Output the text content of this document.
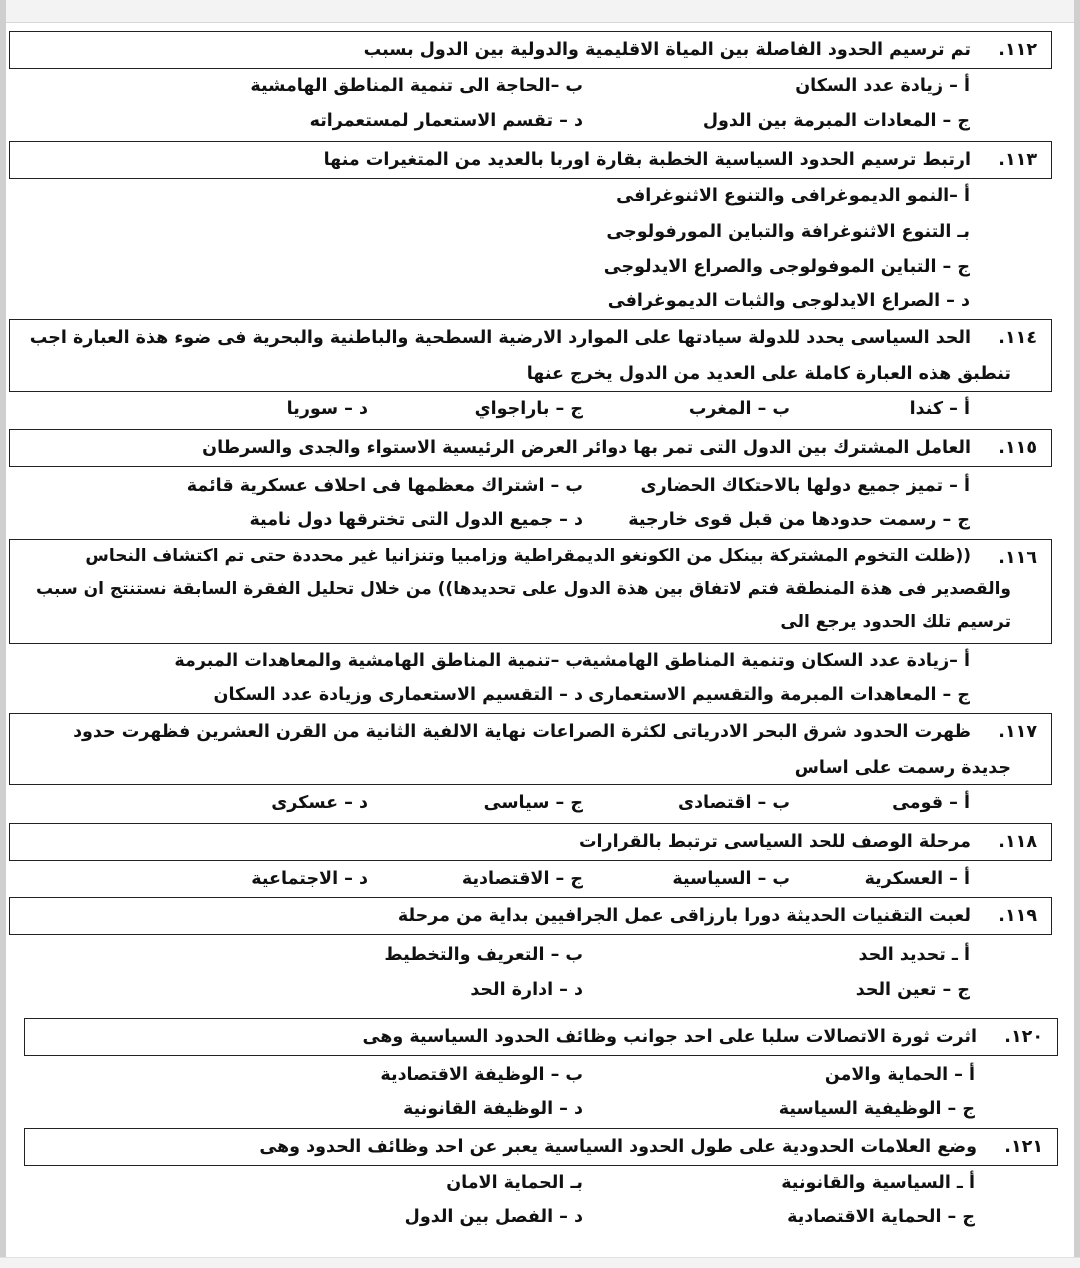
١١٢.
تم ترسيم الحدود الفاصلة بين المياة الاقليمية والدولية بين الدول بسبب
أ – زيادة عدد السكان
ب –الحاجة الى تنمية المناطق الهامشية
ج – المعادات المبرمة بين الدول
د – تقسم الاستعمار لمستعمراته
١١٣.
ارتبط ترسيم الحدود السياسية الخطبة بقارة اوربا بالعديد من المتغيرات منها
أ –النمو الديموغرافى والتنوع الاثنوغرافى
بـ التنوع الاثنوغرافة والتباين المورفولوجى
ج – التباين الموفولوجى والصراع الايدلوجى
د – الصراع الايدلوجى والثبات الديموغرافى
١١٤.
الحد السياسى يحدد للدولة سيادتها على الموارد الارضية السطحية والباطنية والبحرية فى ضوء هذة العبارة اجب
تنطبق هذه العبارة كاملة على العديد من الدول يخرج عنها
أ – كندا
ب – المغرب
ج – باراجواي
د – سوريا
١١٥.
العامل المشترك بين الدول التى تمر بها دوائر العرض الرئيسية الاستواء والجدى والسرطان
أ – تميز جميع دولها بالاحتكاك الحضارى
ب – اشتراك معظمها فى احلاف عسكرية قائمة
ج – رسمت حدودها من قبل قوى خارجية
د – جميع الدول التى تخترقها دول نامية
١١٦.
((ظلت التخوم المشتركة بينكل من الكونغو الديمقراطية وزامبيا وتنزانيا غير محددة حتى تم اكتشاف النحاس
والقصدير فى هذة المنطقة فتم لاتفاق بين هذة الدول على تحديدها)) من خلال تحليل الفقرة السابقة نستنتج ان سبب
ترسيم تلك الحدود يرجع الى
أ –زيادة عدد السكان وتنمية المناطق الهامشية
ب –تنمية المناطق الهامشية والمعاهدات المبرمة
ج – المعاهدات المبرمة والتقسيم الاستعمارى
د – التقسيم الاستعمارى وزيادة عدد السكان
١١٧.
ظهرت الحدود شرق البحر الادرياتى لكثرة الصراعات نهاية الالفية الثانية من القرن العشرين فظهرت حدود
جديدة رسمت على اساس
أ – قومى
ب – اقتصادى
ج – سياسى
د – عسكرى
١١٨.
مرحلة الوصف للحد السياسى ترتبط بالقرارات
أ – العسكرية
ب – السياسية
ج – الاقتصادية
د – الاجتماعية
١١٩.
لعبت التقنيات الحديثة دورا بارزاقى عمل الجرافيين بداية من مرحلة
أ ـ تحديد الحد
ب – التعريف والتخطيط
ج – تعين الحد
د – ادارة الحد
١٢٠.
اثرت ثورة الاتصالات سلبا على احد جوانب وظائف الحدود السياسية وهى
أ – الحماية والامن
ب – الوظيفة الاقتصادية
ج – الوظيفية السياسية
د – الوظيفة القانونية
١٢١.
وضع العلامات الحدودية على طول الحدود السياسية يعبر عن احد وظائف الحدود وهى
أ ـ السياسية والقانونية
بـ الحماية الامان
ج – الحماية الاقتصادية
د – الفصل بين الدول
